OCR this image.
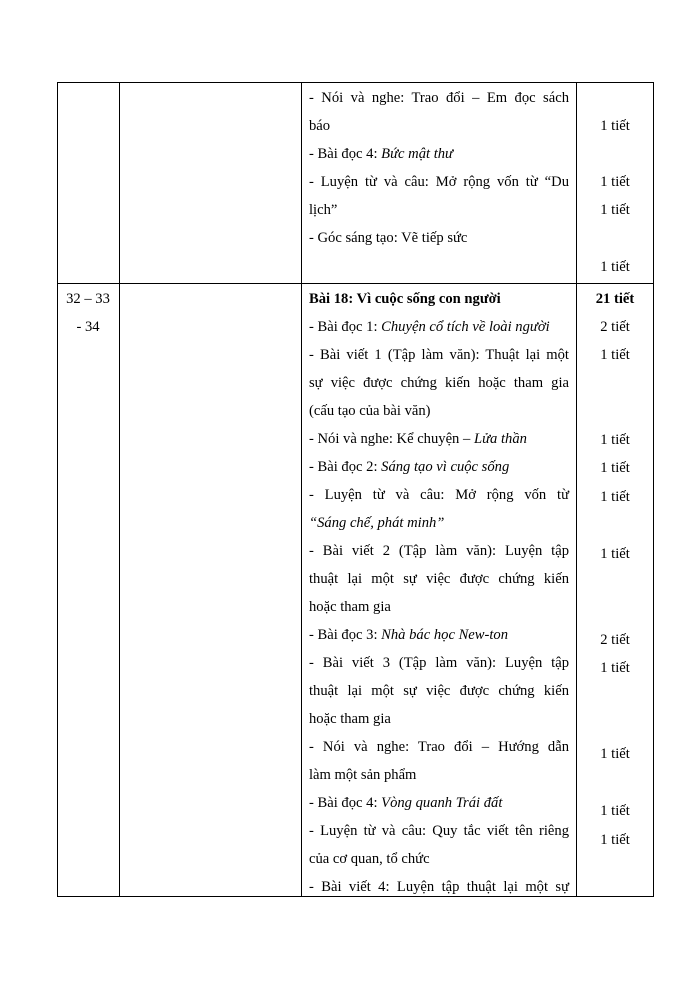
- Nói và nghe: Trao đổi – Em đọc sách
báo
- Bài đọc 4: Bức mật thư
- Luyện từ và câu: Mở rộng vốn từ “Du
lịch”
- Góc sáng tạo: Vẽ tiếp sức
1 tiết
1 tiết
1 tiết
1 tiết
32 – 33
- 34
Bài 18: Vì cuộc sống con người	21 tiết
- Bài đọc 1: Chuyện cổ tích về loài người
- Bài viết 1 (Tập làm văn): Thuật lại một
sự việc được chứng kiến hoặc tham gia
(cấu tạo của bài văn)
- Nói và nghe: Kể chuyện – Lửa thần
- Bài đọc 2: Sáng tạo vì cuộc sống
- Luyện từ và câu: Mở rộng vốn từ
“Sáng chế, phát minh”
- Bài viết 2 (Tập làm văn): Luyện tập
thuật lại một sự việc được chứng kiến
hoặc tham gia
- Bài đọc 3: Nhà bác học New-ton
- Bài viết 3 (Tập làm văn): Luyện tập
thuật lại một sự việc được chứng kiến
hoặc tham gia
- Nói và nghe: Trao đổi – Hướng dẫn
làm một sản phẩm
- Bài đọc 4: Vòng quanh Trái đất
- Luyện từ và câu: Quy tắc viết tên riêng
của cơ quan, tổ chức
- Bài viết 4: Luyện tập thuật lại một sự
2 tiết
1 tiết
1 tiết
1 tiết
1 tiết
1 tiết
2 tiết
1 tiết
1 tiết
1 tiết
1 tiết
